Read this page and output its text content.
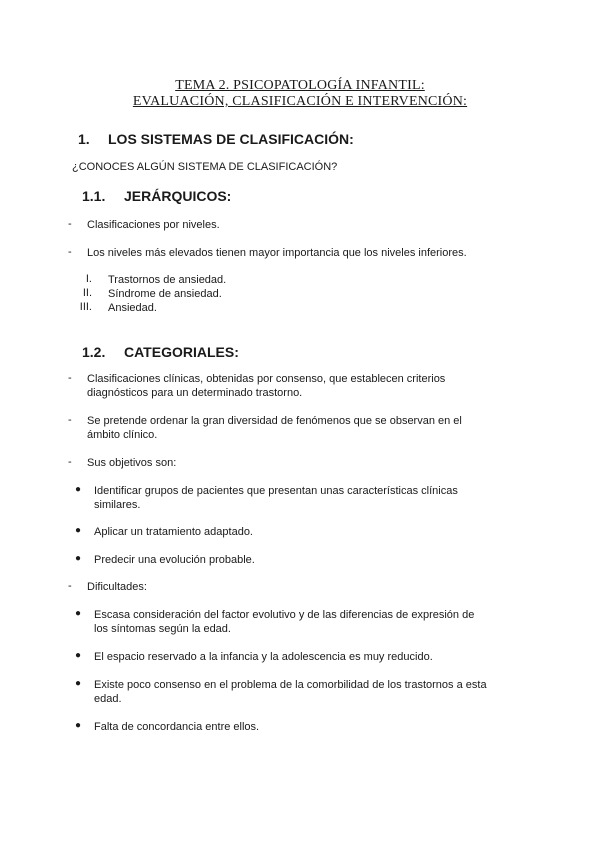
TEMA 2. PSICOPATOLOGÍA INFANTIL:
EVALUACIÓN, CLASIFICACIÓN E INTERVENCIÓN:
1. LOS SISTEMAS DE CLASIFICACIÓN:
¿CONOCES ALGÚN SISTEMA DE CLASIFICACIÓN?
1.1. JERÁRQUICOS:
- Clasificaciones por niveles.
- Los niveles más elevados tienen mayor importancia que los niveles inferiores.
I. Trastornos de ansiedad.
II. Síndrome de ansiedad.
III. Ansiedad.
1.2. CATEGORIALES:
- Clasificaciones clínicas, obtenidas por consenso, que establecen criterios
diagnósticos para un determinado trastorno.
- Se pretende ordenar la gran diversidad de fenómenos que se observan en el
ámbito clínico.
- Sus objetivos son:
● Identificar grupos de pacientes que presentan unas características clínicas
similares.
● Aplicar un tratamiento adaptado.
● Predecir una evolución probable.
- Dificultades:
● Escasa consideración del factor evolutivo y de las diferencias de expresión de
los síntomas según la edad.
● El espacio reservado a la infancia y la adolescencia es muy reducido.
● Existe poco consenso en el problema de la comorbilidad de los trastornos a esta
edad.
● Falta de concordancia entre ellos.
